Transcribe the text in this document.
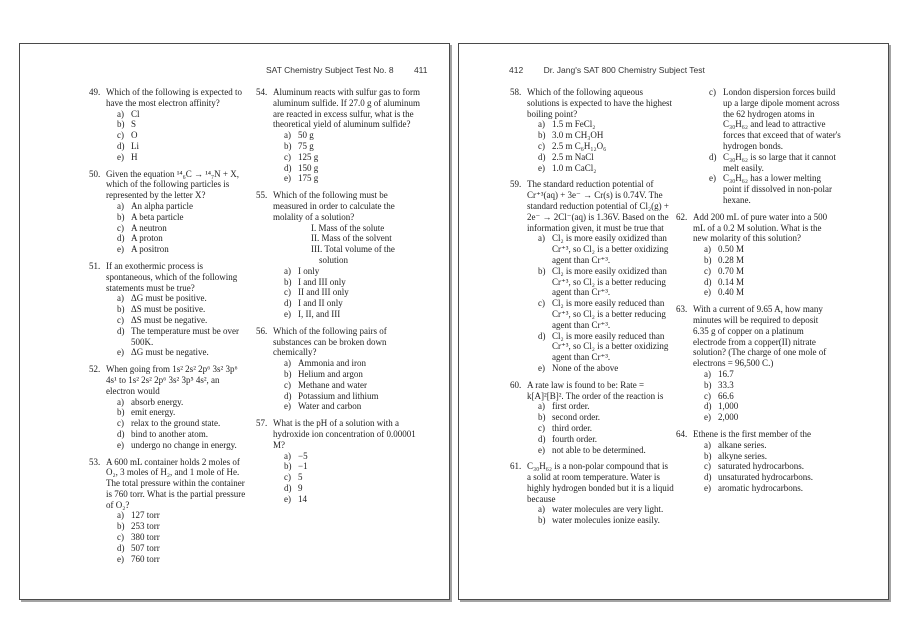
SAT Chemistry Subject Test No. 8 411
49. Which of the following is expected to have the most electron affinity?
a) Cl
b) S
c) O
d) Li
e) H
50. Given the equation ¹⁴₆C → ¹⁴₇N + X, which of the following particles is represented by the letter X?
a) An alpha particle
b) A beta particle
c) A neutron
d) A proton
e) A positron
51. If an exothermic process is spontaneous, which of the following statements must be true?
a) ΔG must be positive.
b) ΔS must be positive.
c) ΔS must be negative.
d) The temperature must be over 500K.
e) ΔG must be negative.
52. When going from 1s² 2s² 2p⁶ 3s² 3p⁶ 4s¹ to 1s² 2s² 2p⁶ 3s² 3p⁵ 4s², an electron would
a) absorb energy.
b) emit energy.
c) relax to the ground state.
d) bind to another atom.
e) undergo no change in energy.
53. A 600 mL container holds 2 moles of O₂, 3 moles of H₂, and 1 mole of He. The total pressure within the container is 760 torr. What is the partial pressure of O₂?
a) 127 torr
b) 253 torr
c) 380 torr
d) 507 torr
e) 760 torr
54. Aluminum reacts with sulfur gas to form aluminum sulfide. If 27.0 g of aluminum are reacted in excess sulfur, what is the theoretical yield of aluminum sulfide?
a) 50 g
b) 75 g
c) 125 g
d) 150 g
e) 175 g
55. Which of the following must be measured in order to calculate the molality of a solution?
I. Mass of the solute
II. Mass of the solvent
III. Total volume of the solution
a) I only
b) I and III only
c) II and III only
d) I and II only
e) I, II, and III
56. Which of the following pairs of substances can be broken down chemically?
a) Ammonia and iron
b) Helium and argon
c) Methane and water
d) Potassium and lithium
e) Water and carbon
57. What is the pH of a solution with a hydroxide ion concentration of 0.00001 M?
a) −5
b) −1
c) 5
d) 9
e) 14
412 Dr. Jang's SAT 800 Chemistry Subject Test
58. Which of the following aqueous solutions is expected to have the highest boiling point?
a) 1.5 m FeCl₂
b) 3.0 m CH₃OH
c) 2.5 m C₆H₁₂O₆
d) 2.5 m NaCl
e) 1.0 m CaCl₂
59. The standard reduction potential of Cr⁺³(aq) + 3e⁻ → Cr(s) is 0.74V. The standard reduction potential of Cl₂(g) + 2e⁻ → 2Cl⁻(aq) is 1.36V. Based on the information given, it must be true that
a) Cl₂ is more easily oxidized than Cr⁺³, so Cl₂ is a better oxidizing agent than Cr⁺³.
b) Cl₂ is more easily oxidized than Cr⁺³, so Cl₂ is a better reducing agent than Cr⁺³.
c) Cl₂ is more easily reduced than Cr⁺³, so Cl₂ is a better reducing agent than Cr⁺³.
d) Cl₂ is more easily reduced than Cr⁺³, so Cl₂ is a better oxidizing agent than Cr⁺³.
e) None of the above
60. A rate law is found to be: Rate = k[A]²[B]². The order of the reaction is
a) first order.
b) second order.
c) third order.
d) fourth order.
e) not able to be determined.
61. C₃₀H₆₂ is a non-polar compound that is a solid at room temperature. Water is highly hydrogen bonded but it is a liquid because
a) water molecules are very light.
b) water molecules ionize easily.
c) London dispersion forces build up a large dipole moment across the 62 hydrogen atoms in C₃₀H₆₂ and lead to attractive forces that exceed that of water's hydrogen bonds.
d) C₃₀H₆₂ is so large that it cannot melt easily.
e) C₃₀H₆₂ has a lower melting point if dissolved in non-polar hexane.
62. Add 200 mL of pure water into a 500 mL of a 0.2 M solution. What is the new molarity of this solution?
a) 0.50 M
b) 0.28 M
c) 0.70 M
d) 0.14 M
e) 0.40 M
63. With a current of 9.65 A, how many minutes will be required to deposit 6.35 g of copper on a platinum electrode from a copper(II) nitrate solution? (The charge of one mole of electrons = 96,500 C.)
a) 16.7
b) 33.3
c) 66.6
d) 1,000
e) 2,000
64. Ethene is the first member of the
a) alkane series.
b) alkyne series.
c) saturated hydrocarbons.
d) unsaturated hydrocarbons.
e) aromatic hydrocarbons.
